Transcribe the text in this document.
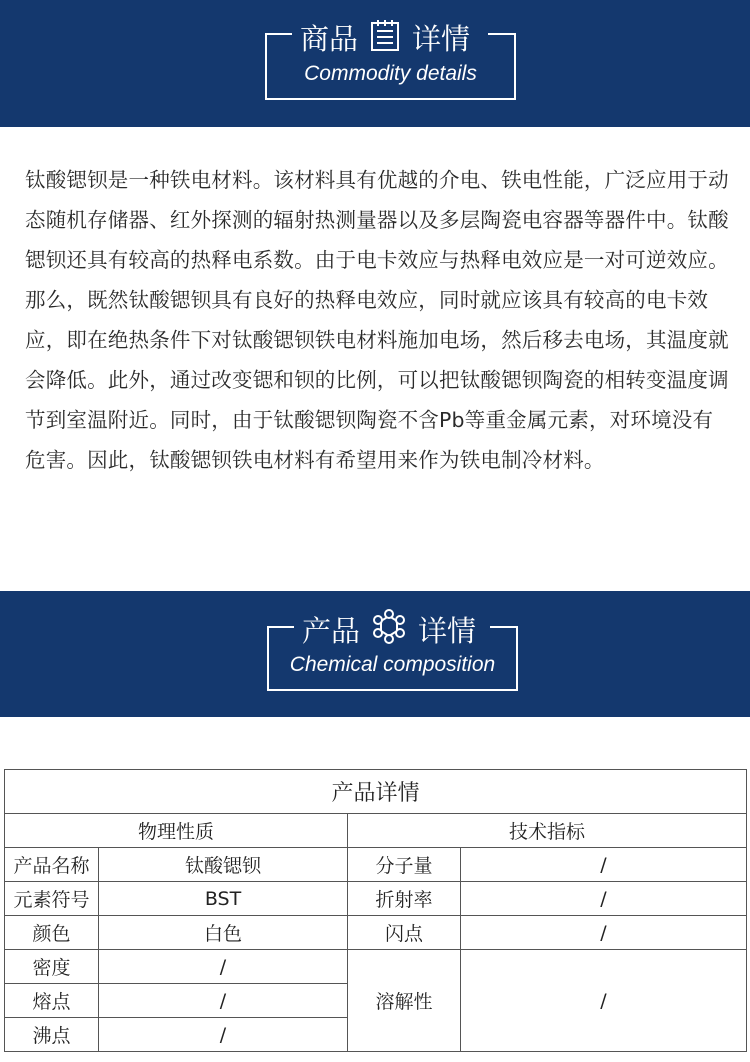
商品 详情
Commodity details
钛酸锶钡是一种铁电材料。该材料具有优越的介电、铁电性能，广泛应用于动态随机存储器、红外探测的辐射热测量器以及多层陶瓷电容器等器件中。钛酸锶钡还具有较高的热释电系数。由于电卡效应与热释电效应是一对可逆效应。那么，既然钛酸锶钡具有良好的热释电效应，同时就应该具有较高的电卡效应，即在绝热条件下对钛酸锶钡铁电材料施加电场，然后移去电场，其温度就会降低。此外，通过改变锶和钡的比例，可以把钛酸锶钡陶瓷的相转变温度调节到室温附近。同时，由于钛酸锶钡陶瓷不含Pb等重金属元素，对环境没有危害。因此，钛酸锶钡铁电材料有希望用来作为铁电制冷材料。
产品 详情
Chemical composition
产品详情			
物理性质		技术指标	
产品名称	钛酸锶钡	分子量	/
元素符号	BST	折射率	/
颜色	白色	闪点	/
密度	/	溶解性	/
熔点	/		
沸点	/		
